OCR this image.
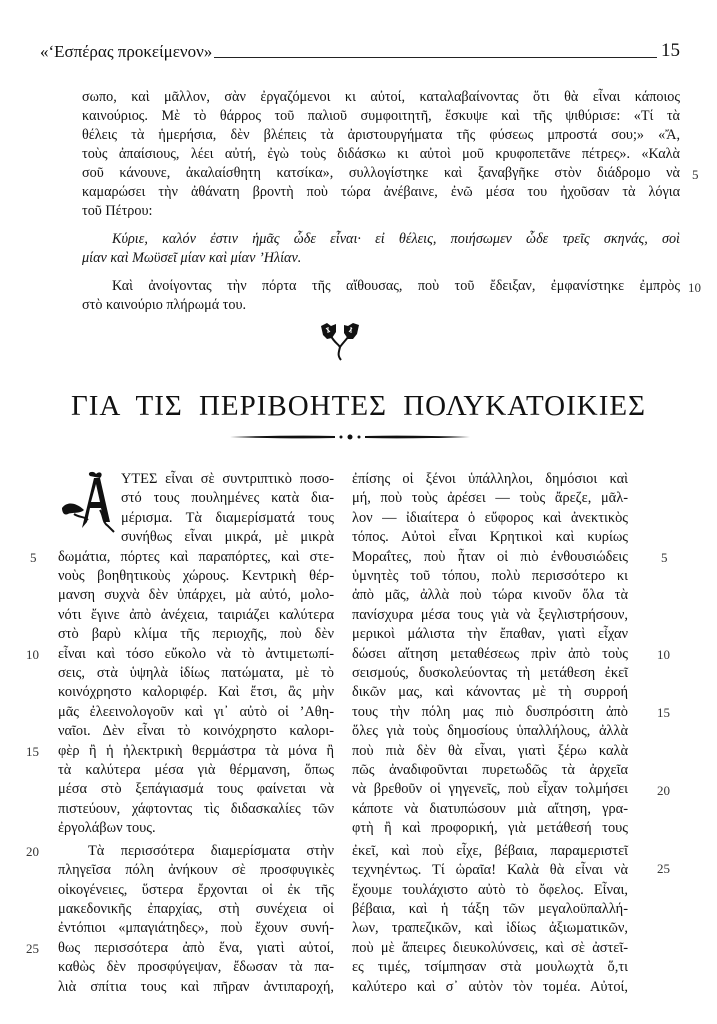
«‘Εσπέρας προκείμενον»	15
σωπο, καὶ μᾶλλον, σὰν ἐργαζόμενοι κι αὐτοί, καταλαβαίνοντας ὅτι θὰ εἶναι κάποιος
καινούριος. Μὲ τὸ θάρρος τοῦ παλιοῦ συμφοιτητῆ, ἔσκυψε καὶ τῆς ψιθύρισε: «Τί τὰ
θέλεις τὰ ἡμερήσια, δὲν βλέπεις τὰ ἀριστουργήματα τῆς φύσεως μπροστά σου;» «Ἄ,
τοὺς ἀπαίσιους, λέει αὐτή, ἐγὼ τοὺς διδάσκω κι αὐτοὶ μοῦ κρυφοπετᾶνε πέτρες». «Καλὰ
σοῦ κάνουνε, ἀκαλαίσθητη κατσίκα», συλλογίστηκε καὶ ξαναβγῆκε στὸν διάδρομο νὰ
καμαρώσει τὴν ἀθάνατη βροντὴ ποὺ τώρα ἀνέβαινε, ἐνῶ μέσα του ἠχοῦσαν τὰ λόγια
τοῦ Πέτρου:
Κύριε, καλόν ἐστιν ἡμᾶς ὧδε εἶναι· εἰ θέλεις, ποιήσωμεν ὧδε τρεῖς σκηνάς, σοὶ
μίαν καὶ Μωϋσεῖ μίαν καὶ μίαν ’Ηλίαν.
Καὶ ἀνοίγοντας τὴν πόρτα τῆς αἴθουσας, ποὺ τοῦ ἔδειξαν, ἐμφανίστηκε ἐμπρὸς
στὸ καινούριο πλήρωμά του.
5
10
ΓΙΑ ΤΙΣ ΠΕΡΙΒΟΗΤΕΣ ΠΟΛΥΚΑΤΟΙΚΙΕΣ
ΥΤΕΣ εἶναι σὲ συντριπτικὸ ποσο-
στό τους πουλημένες κατὰ δια-
μέρισμα. Τὰ διαμερίσματά τους
συνήθως εἶναι μικρά, μὲ μικρὰ
δωμάτια, πόρτες καὶ παραπόρτες, καὶ στε-
νοὺς βοηθητικοὺς χώρους. Κεντρικὴ θέρ-
μανση συχνὰ δὲν ὑπάρχει, μὰ αὐτό, μολο-
νότι ἔγινε ἀπὸ ἀνέχεια, ταιριάζει καλύτερα
στὸ βαρὺ κλίμα τῆς περιοχῆς, ποὺ δὲν
εἶναι καὶ τόσο εὔκολο νὰ τὸ ἀντιμετωπί-
σεις, στὰ ὑψηλὰ ἰδίως πατώματα, μὲ τὸ
κοινόχρηστο καλοριφέρ. Καὶ ἔτσι, ἂς μὴν
μᾶς ἐλεεινολογοῦν καὶ γι᾽ αὐτὸ οἱ ’Αθη-
ναῖοι. Δὲν εἶναι τὸ κοινόχρηστο καλορι-
φὲρ ἢ ἡ ἠλεκτρικὴ θερμάστρα τὰ μόνα ἢ
τὰ καλύτερα μέσα γιὰ θέρμανση, ὅπως
μέσα στὸ ξεπάγιασμά τους φαίνεται νὰ
πιστεύουν, χάφτοντας τὶς διδασκαλίες τῶν
ἐργολάβων τους.
Τὰ περισσότερα διαμερίσματα στὴν
πληγεῖσα πόλη ἀνήκουν σὲ προσφυγικὲς
οἰκογένειες, ὕστερα ἔρχονται οἱ ἐκ τῆς
μακεδονικῆς ἐπαρχίας, στὴ συνέχεια οἱ
ἐντόπιοι «μπαγιάτηδες», ποὺ ἔχουν συνή-
θως περισσότερα ἀπὸ ἕνα, γιατὶ αὐτοί,
καθὼς δὲν προσφύγεψαν, ἔδωσαν τὰ πα-
λιὰ σπίτια τους καὶ πῆραν ἀντιπαροχή,
5
10
15
20
25
ἐπίσης οἱ ξένοι ὑπάλληλοι, δημόσιοι καὶ
μή, ποὺ τοὺς ἀρέσει — τοὺς ἄρεζε, μᾶλ-
λον — ἰδιαίτερα ὁ εὔφορος καὶ ἀνεκτικὸς
τόπος. Αὐτοὶ εἶναι Κρητικοὶ καὶ κυρίως
Μοραΐτες, ποὺ ἦταν οἱ πιὸ ἐνθουσιώδεις
ὑμνητὲς τοῦ τόπου, πολὺ περισσότερο κι
ἀπὸ μᾶς, ἀλλὰ ποὺ τώρα κινοῦν ὅλα τὰ
πανίσχυρα μέσα τους γιὰ νὰ ξεγλιστρήσουν,
μερικοὶ μάλιστα τὴν ἔπαθαν, γιατὶ εἶχαν
δώσει αἴτηση μεταθέσεως πρὶν ἀπὸ τοὺς
σεισμούς, δυσκολεύοντας τὴ μετάθεση ἐκεῖ
δικῶν μας, καὶ κάνοντας μὲ τὴ συρροή
τους τὴν πόλη μας πιὸ δυσπρόσιτη ἀπὸ
ὅλες γιὰ τοὺς δημοσίους ὑπαλλήλους, ἀλλὰ
ποὺ πιὰ δὲν θὰ εἶναι, γιατὶ ξέρω καλὰ
πῶς ἀναδιφοῦνται πυρετωδῶς τὰ ἀρχεῖα
νὰ βρεθοῦν οἱ γηγενεῖς, ποὺ εἶχαν τολμήσει
κάποτε νὰ διατυπώσουν μιὰ αἴτηση, γρα-
φτὴ ἢ καὶ προφορική, γιὰ μετάθεσή τους
ἐκεῖ, καὶ ποὺ εἶχε, βέβαια, παραμεριστεῖ
τεχνηέντως. Τί ὡραῖα! Καλὰ θὰ εἶναι νὰ
ἔχουμε τουλάχιστο αὐτὸ τὸ ὄφελος. Εἶναι,
βέβαια, καὶ ἡ τάξη τῶν μεγαλοϋπαλλή-
λων, τραπεζικῶν, καὶ ἰδίως ἀξιωματικῶν,
ποὺ μὲ ἄπειρες διευκολύνσεις, καὶ σὲ ἀστεῖ-
ες τιμές, τσίμπησαν στὰ μουλωχτὰ ὅ,τι
καλύτερο καὶ σ᾽ αὐτὸν τὸν τομέα. Αὐτοί,
5
10
15
20
25
